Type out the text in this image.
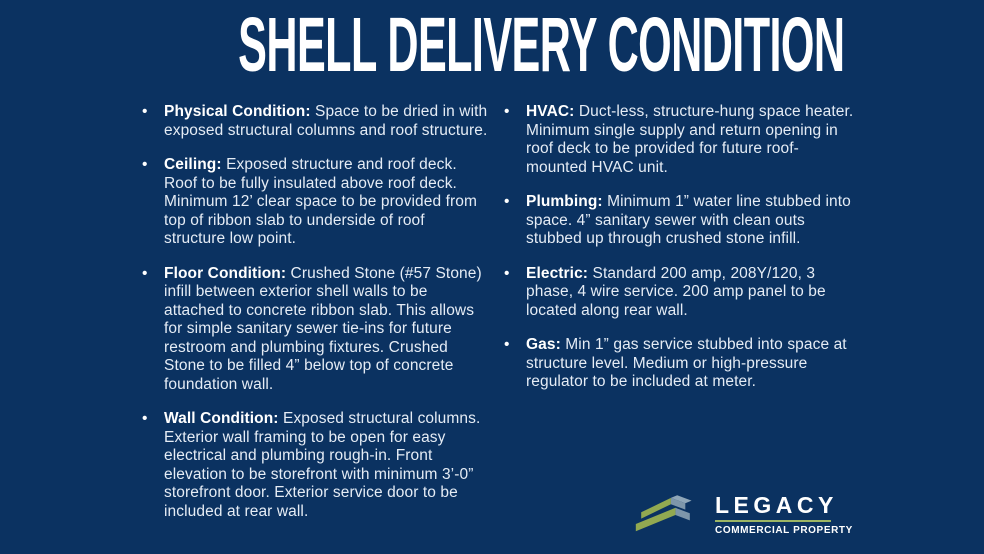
SHELL DELIVERY CONDITION
•	Physical Condition: Space to be dried in with exposed structural columns and roof structure.

•	Ceiling: Exposed structure and roof deck. Roof to be fully insulated above roof deck. Minimum 12’ clear space to be provided from top of ribbon slab to underside of roof structure low point.

•	Floor Condition: Crushed Stone (#57 Stone) infill between exterior shell walls to be attached to concrete ribbon slab. This allows for simple sanitary sewer tie-ins for future restroom and plumbing fixtures. Crushed Stone to be filled 4” below top of concrete foundation wall.

•	Wall Condition: Exposed structural columns. Exterior wall framing to be open for easy electrical and plumbing rough-in. Front elevation to be storefront with minimum 3’-0” storefront door. Exterior service door to be included at rear wall.

•	HVAC: Duct-less, structure-hung space heater. Minimum single supply and return opening in roof deck to be provided for future roof-mounted HVAC unit.

•	Plumbing: Minimum 1” water line stubbed into space. 4” sanitary sewer with clean outs stubbed up through crushed stone infill.

•	Electric: Standard 200 amp, 208Y/120, 3 phase, 4 wire service. 200 amp panel to be located along rear wall.

•	Gas: Min 1” gas service stubbed into space at structure level. Medium or high-pressure regulator to be included at meter.

LEGACY
COMMERCIAL PROPERTY
